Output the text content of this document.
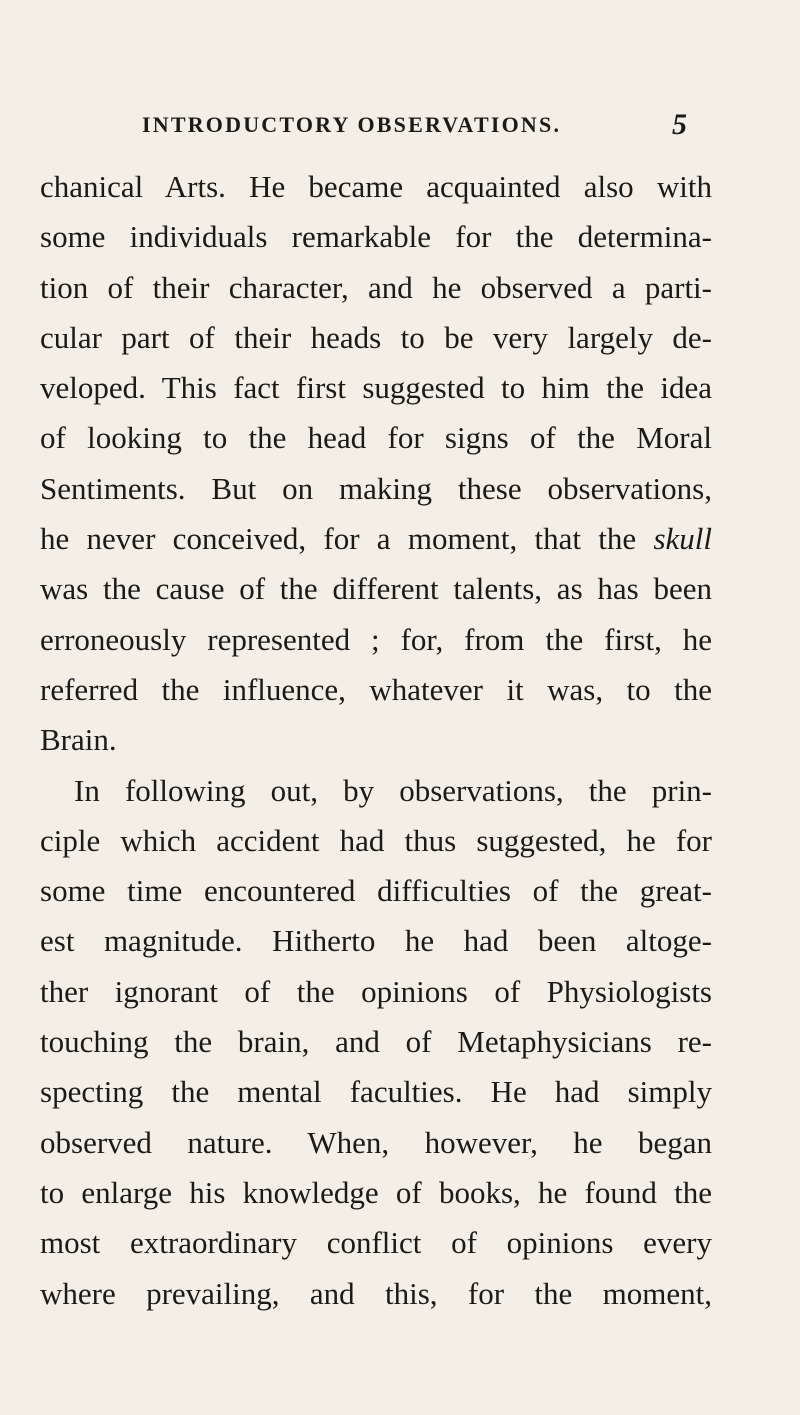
INTRODUCTORY OBSERVATIONS.	5
chanical Arts. He became acquainted also with
some individuals remarkable for the determina-
tion of their character, and he observed a parti-
cular part of their heads to be very largely de-
veloped. This fact first suggested to him the idea
of looking to the head for signs of the Moral
Sentiments. But on making these observations,
he never conceived, for a moment, that the skull
was the cause of the different talents, as has been
erroneously represented ; for, from the first, he
referred the influence, whatever it was, to the
Brain.
In following out, by observations, the prin-
ciple which accident had thus suggested, he for
some time encountered difficulties of the great-
est magnitude. Hitherto he had been altoge-
ther ignorant of the opinions of Physiologists
touching the brain, and of Metaphysicians re-
specting the mental faculties. He had simply
observed nature. When, however, he began
to enlarge his knowledge of books, he found the
most extraordinary conflict of opinions every
where prevailing, and this, for the moment,
